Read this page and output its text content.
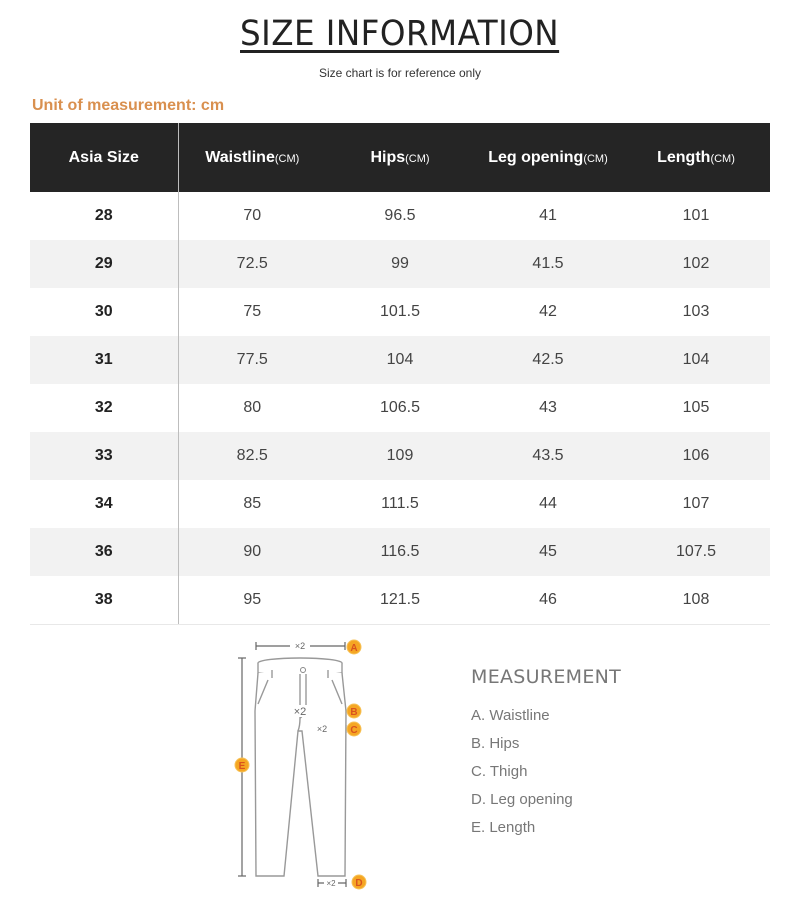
SIZE INFORMATION
Size chart is for reference only
Unit of measurement: cm
Asia Size	Waistline(CM)	Hips(CM)	Leg opening(CM)	Length(CM)
28	70	96.5	41	101
29	72.5	99	41.5	102
30	75	101.5	42	103
31	77.5	104	42.5	104
32	80	106.5	43	105
33	82.5	109	43.5	106
34	85	111.5	44	107
36	90	116.5	45	107.5
38	95	121.5	46	108
×2
×2
×2
×2
A
B
C
D
E
MEASUREMENT
A. Waistline
B. Hips
C. Thigh
D. Leg opening
E. Length
